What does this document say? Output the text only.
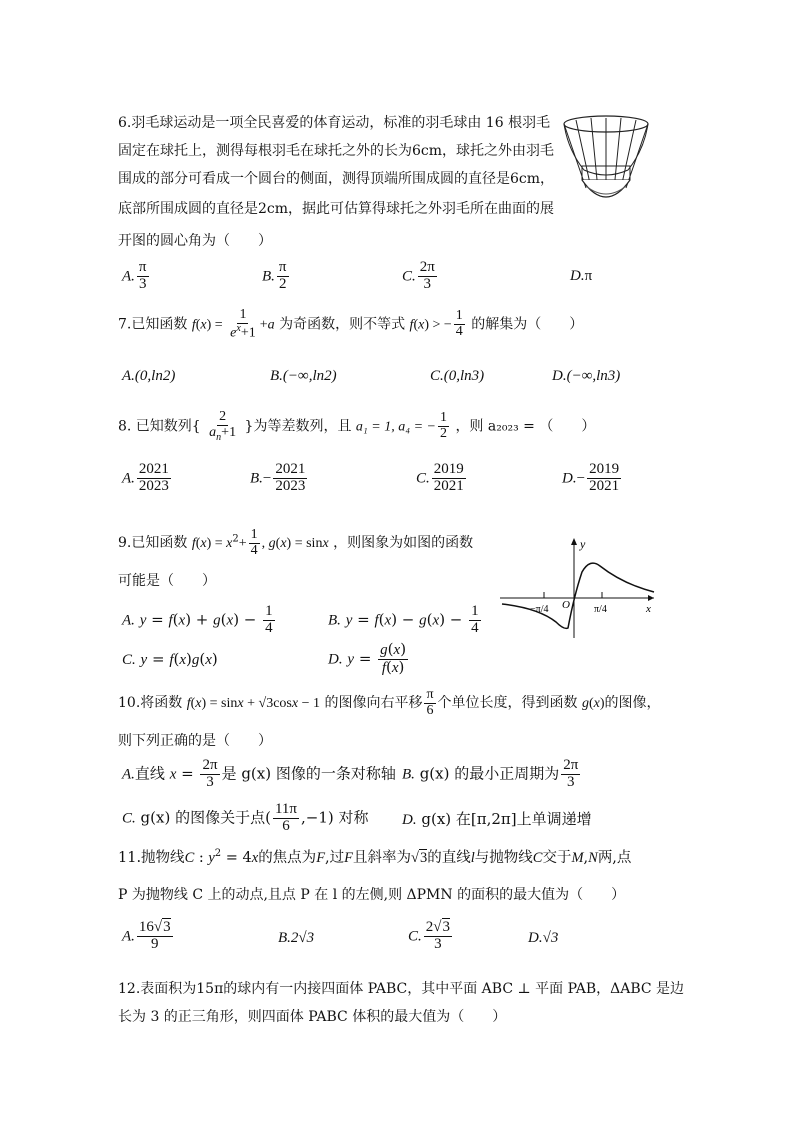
6.羽毛球运动是一项全民喜爱的体育运动，标准的羽毛球由 16 根羽毛
固定在球托上，测得每根羽毛在球托之外的长为6cm，球托之外由羽毛
围成的部分可看成一个圆台的侧面，测得顶端所围成圆的直径是6cm，
底部所围成圆的直径是2cm，据此可估算得球托之外羽毛所在曲面的展
开图的圆心角为（　　）
A. $\frac{\pi}{3}$	B. $\frac{\pi}{2}$	C. $\frac{2\pi}{3}$	D.π
7.已知函数 $f(x) = \frac{1}{e^x+1} +a$ 为奇函数，则不等式 f(x) > − $\frac{1}{4}$ 的解集为（　　）
A.(0,ln2)	B.(−∞,ln2)	C.(0,ln3)	D.(−∞,ln3)
8. 已知数列{ $\frac{2}{a_n+1}$ }为等差数列，且 a₁ = 1, a₄ = − $\frac{1}{2}$ ，则 a₂₀₂₃ = （　　）
A. $\frac{2021}{2023}$	$B.- \frac{2021}{2023}$	C. $\frac{2019}{2021}$	$D.- \frac{2019}{2021}$
9.已知函数 $f(x) = x^2+ \frac{1}{4}$ , g(x) = sinx ，则图象为如图的函数
可能是（　　）
y
x
O
−π/4	π/4
A. $y = f(x) + g(x) - \frac{1}{4}$	B. $y = f(x) - g(x) - \frac{1}{4}$
C. y = f(x)g(x)	D. $y = \frac{g(x)}{f(x)}$
10.将函数 f(x) = sinx + √3cosx − 1 的图像向右平移 $\frac{\pi}{6}$ 个单位长度，得到函数 g(x)的图像，
则下列正确的是（　　）
A.直线 $x = \frac{2\pi}{3}$ 是 g(x) 图像的一条对称轴 B. g(x) 的最小正周期为 $\frac{2\pi}{3}$
C. g(x) 的图像关于点( $\frac{11\pi}{6} ,-1$) 对称 D. g(x) 在[π,2π]上单调递增
11.抛物线C : $y^2 = 4x$的焦点为F,过F且斜率为√3的直线l与抛物线C交于M,N两,点
P 为抛物线 C 上的动点,且点 P 在 l 的左侧,则 ΔPMN 的面积的最大值为（　　）
A. $\frac{16√3}{9}$	B.2√3	C. $\frac{2√3}{3}$	D.√3
12.表面积为15π的球内有一内接四面体 PABC，其中平面 ABC ⊥ 平面 PAB，ΔABC 是边
长为 3 的正三角形，则四面体 PABC 体积的最大值为（　　）
